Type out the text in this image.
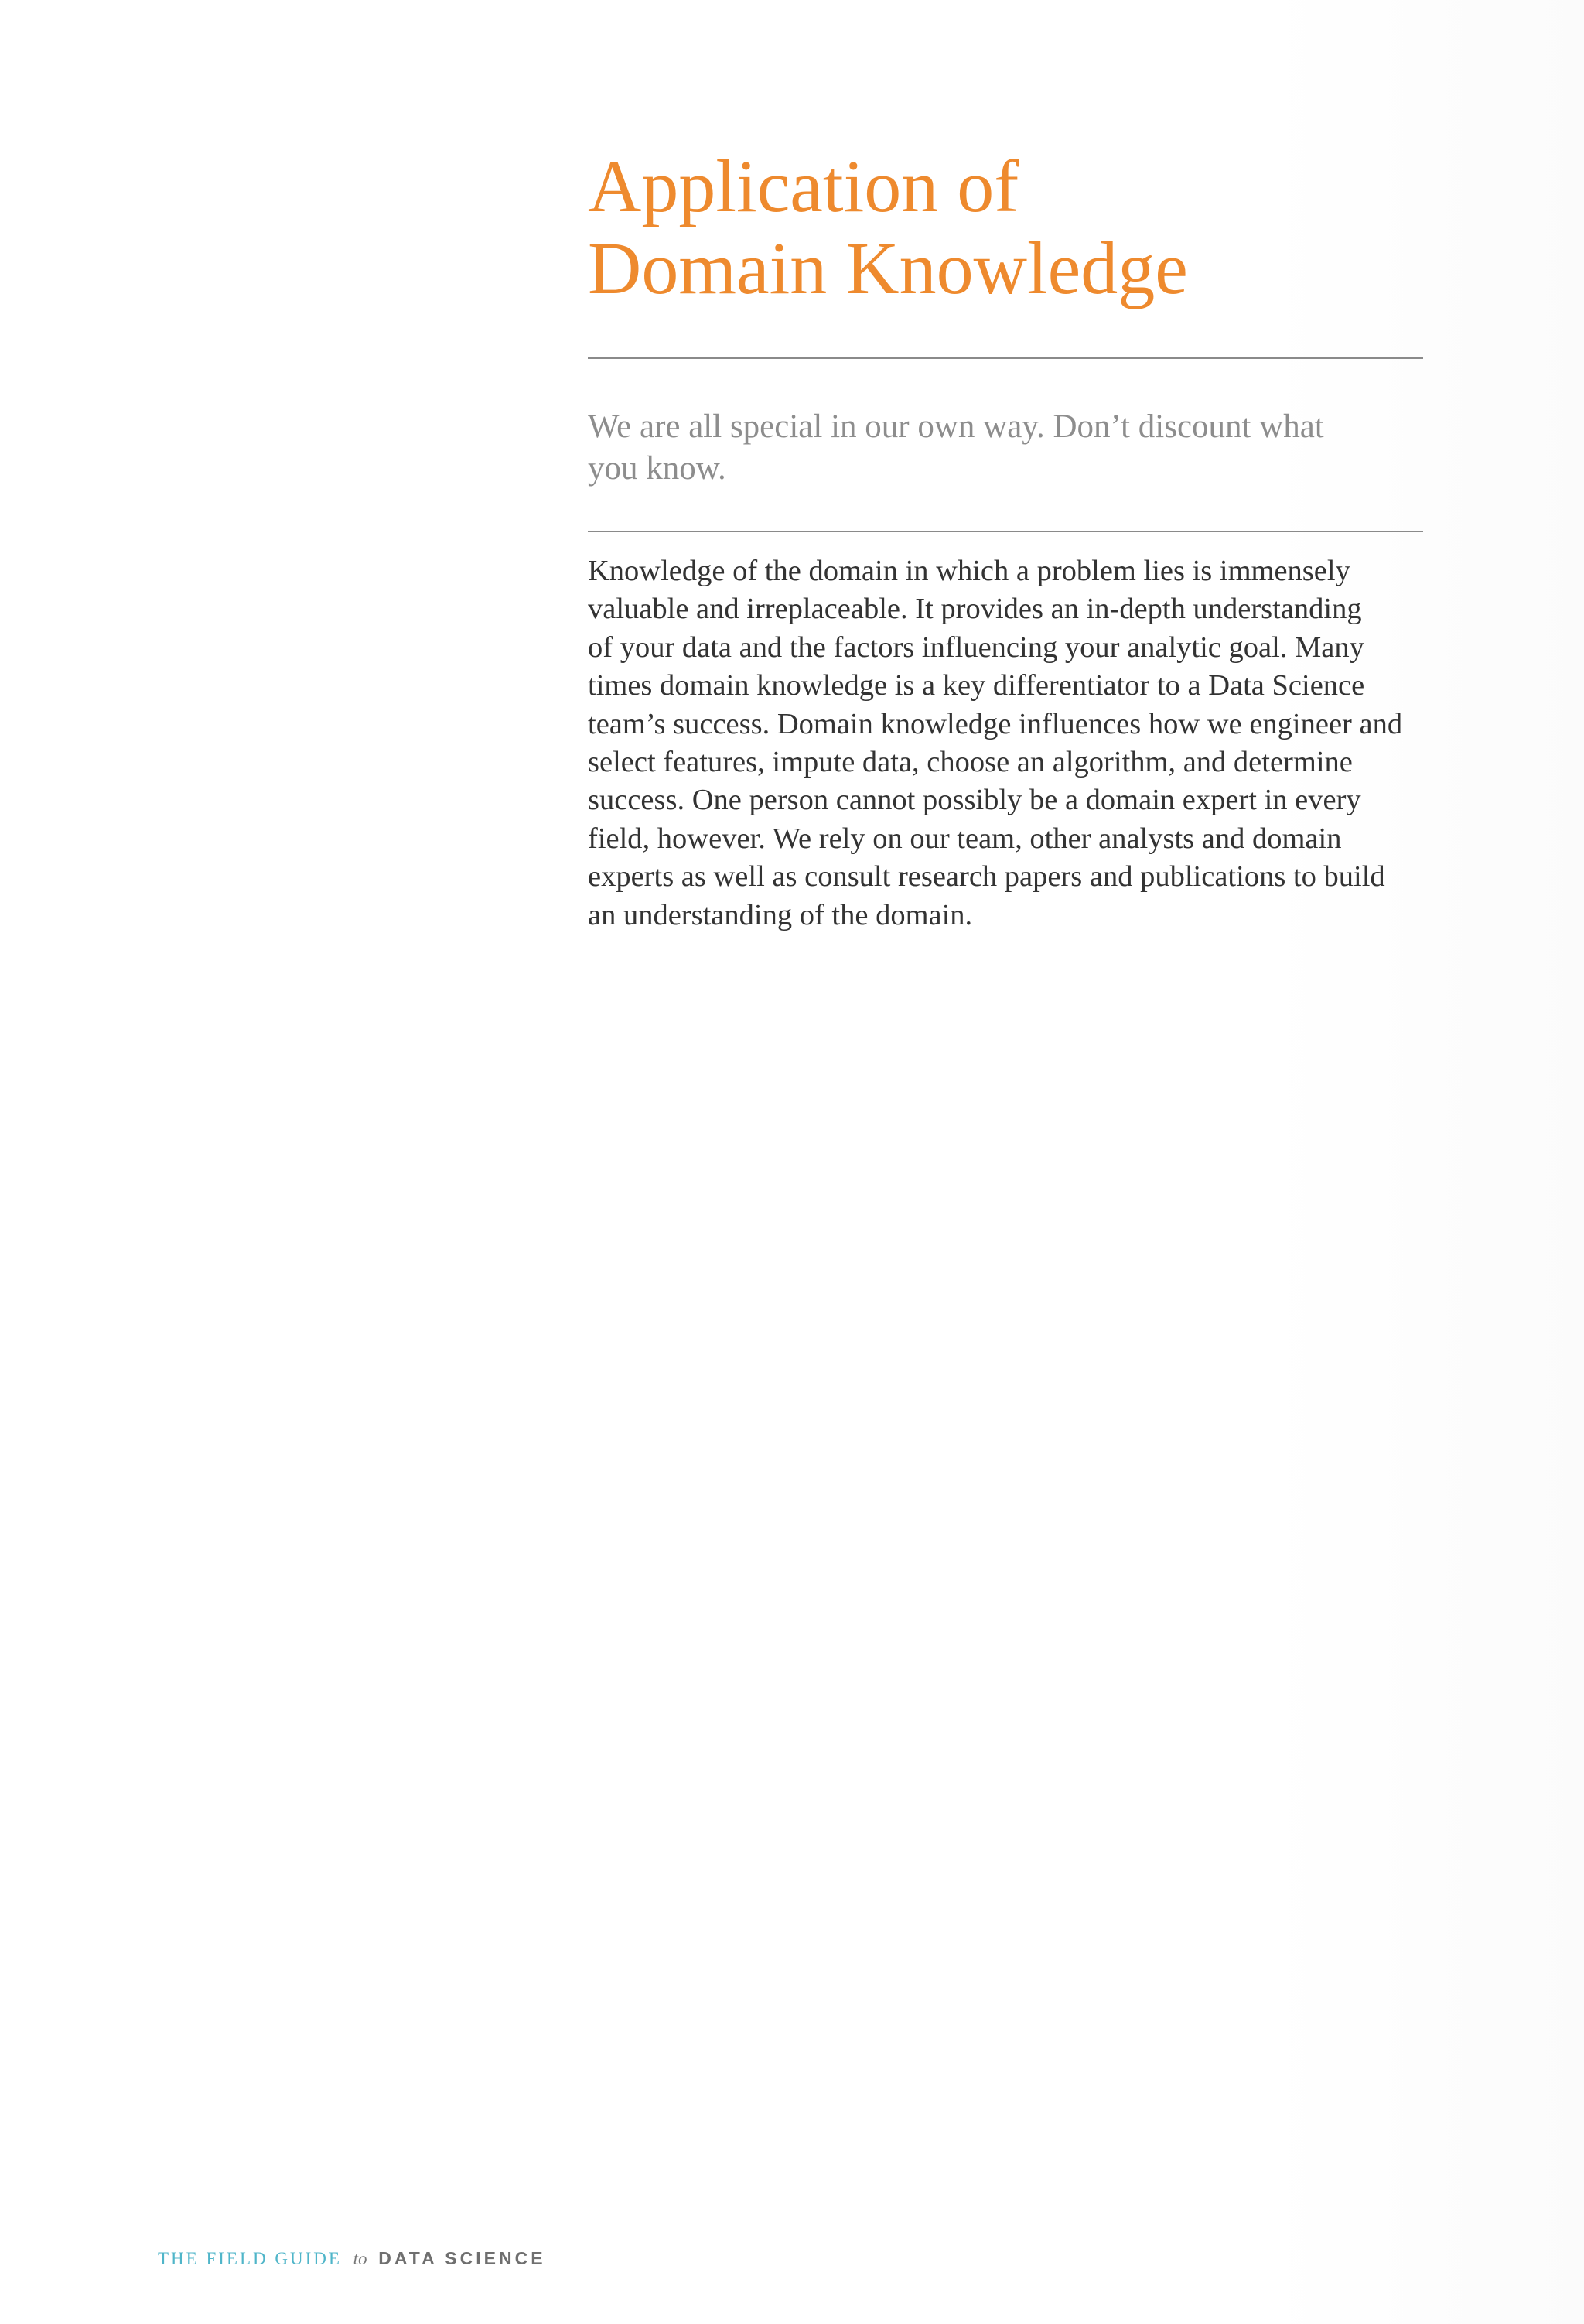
Application of
Domain Knowledge

We are all special in our own way. Don’t discount what you know.

Knowledge of the domain in which a problem lies is immensely
valuable and irreplaceable. It provides an in-depth understanding
of your data and the factors influencing your analytic goal. Many
times domain knowledge is a key differentiator to a Data Science
team’s success. Domain knowledge influences how we engineer and
select features, impute data, choose an algorithm, and determine
success. One person cannot possibly be a domain expert in every
field, however. We rely on our team, other analysts and domain
experts as well as consult research papers and publications to build
an understanding of the domain.

THE FIELD GUIDE to DATA SCIENCE
